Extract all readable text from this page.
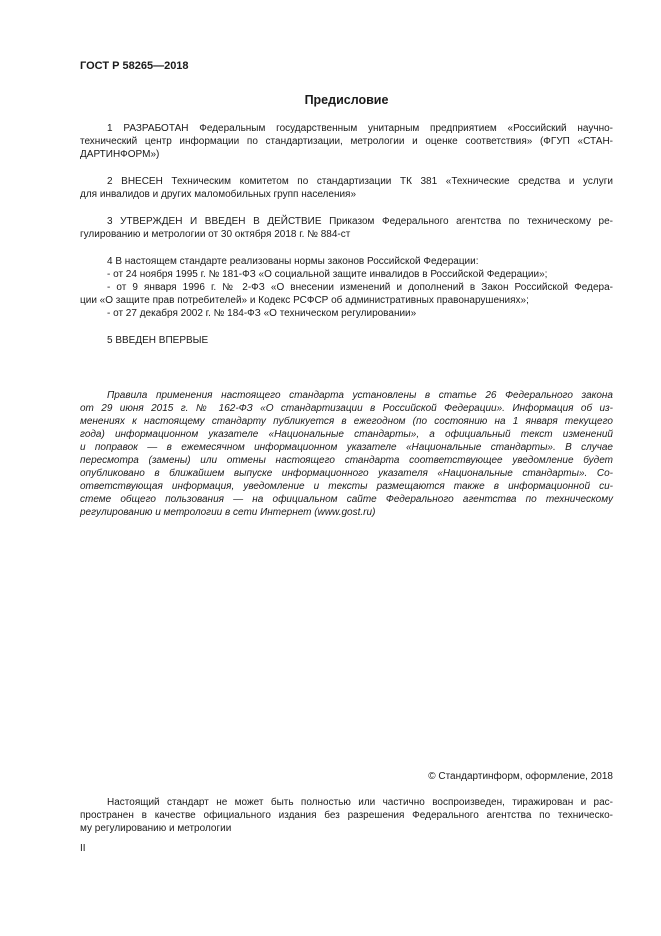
ГОСТ Р 58265—2018
Предисловие
1 РАЗРАБОТАН Федеральным государственным унитарным предприятием «Российский научно-
технический центр информации по стандартизации, метрологии и оценке соответствия» (ФГУП «СТАН-
ДАРТИНФОРМ»)
2 ВНЕСЕН Техническим комитетом по стандартизации ТК 381 «Технические средства и услуги
для инвалидов и других маломобильных групп населения»
3 УТВЕРЖДЕН И ВВЕДЕН В ДЕЙСТВИЕ Приказом Федерального агентства по техническому ре-
гулированию и метрологии от 30 октября 2018 г. № 884-ст
4 В настоящем стандарте реализованы нормы законов Российской Федерации:
- от 24 ноября 1995 г. № 181-ФЗ «О социальной защите инвалидов в Российской Федерации»;
- от 9 января 1996 г. № 2-ФЗ «О внесении изменений и дополнений в Закон Российской Федера-
ции «О защите прав потребителей» и Кодекс РСФСР об административных правонарушениях»;
- от 27 декабря 2002 г. № 184-ФЗ «О техническом регулировании»
5 ВВЕДЕН ВПЕРВЫЕ
Правила применения настоящего стандарта установлены в статье 26 Федерального закона
от 29 июня 2015 г. № 162-ФЗ «О стандартизации в Российской Федерации». Информация об из-
менениях к настоящему стандарту публикуется в ежегодном (по состоянию на 1 января текущего
года) информационном указателе «Национальные стандарты», а официальный текст изменений
и поправок — в ежемесячном информационном указателе «Национальные стандарты». В случае
пересмотра (замены) или отмены настоящего стандарта соответствующее уведомление будет
опубликовано в ближайшем выпуске информационного указателя «Национальные стандарты». Со-
ответствующая информация, уведомление и тексты размещаются также в информационной си-
стеме общего пользования — на официальном сайте Федерального агентства по техническому
регулированию и метрологии в сети Интернет (www.gost.ru)
© Стандартинформ, оформление, 2018
Настоящий стандарт не может быть полностью или частично воспроизведен, тиражирован и рас-
пространен в качестве официального издания без разрешения Федерального агентства по техническо-
му регулированию и метрологии
II
